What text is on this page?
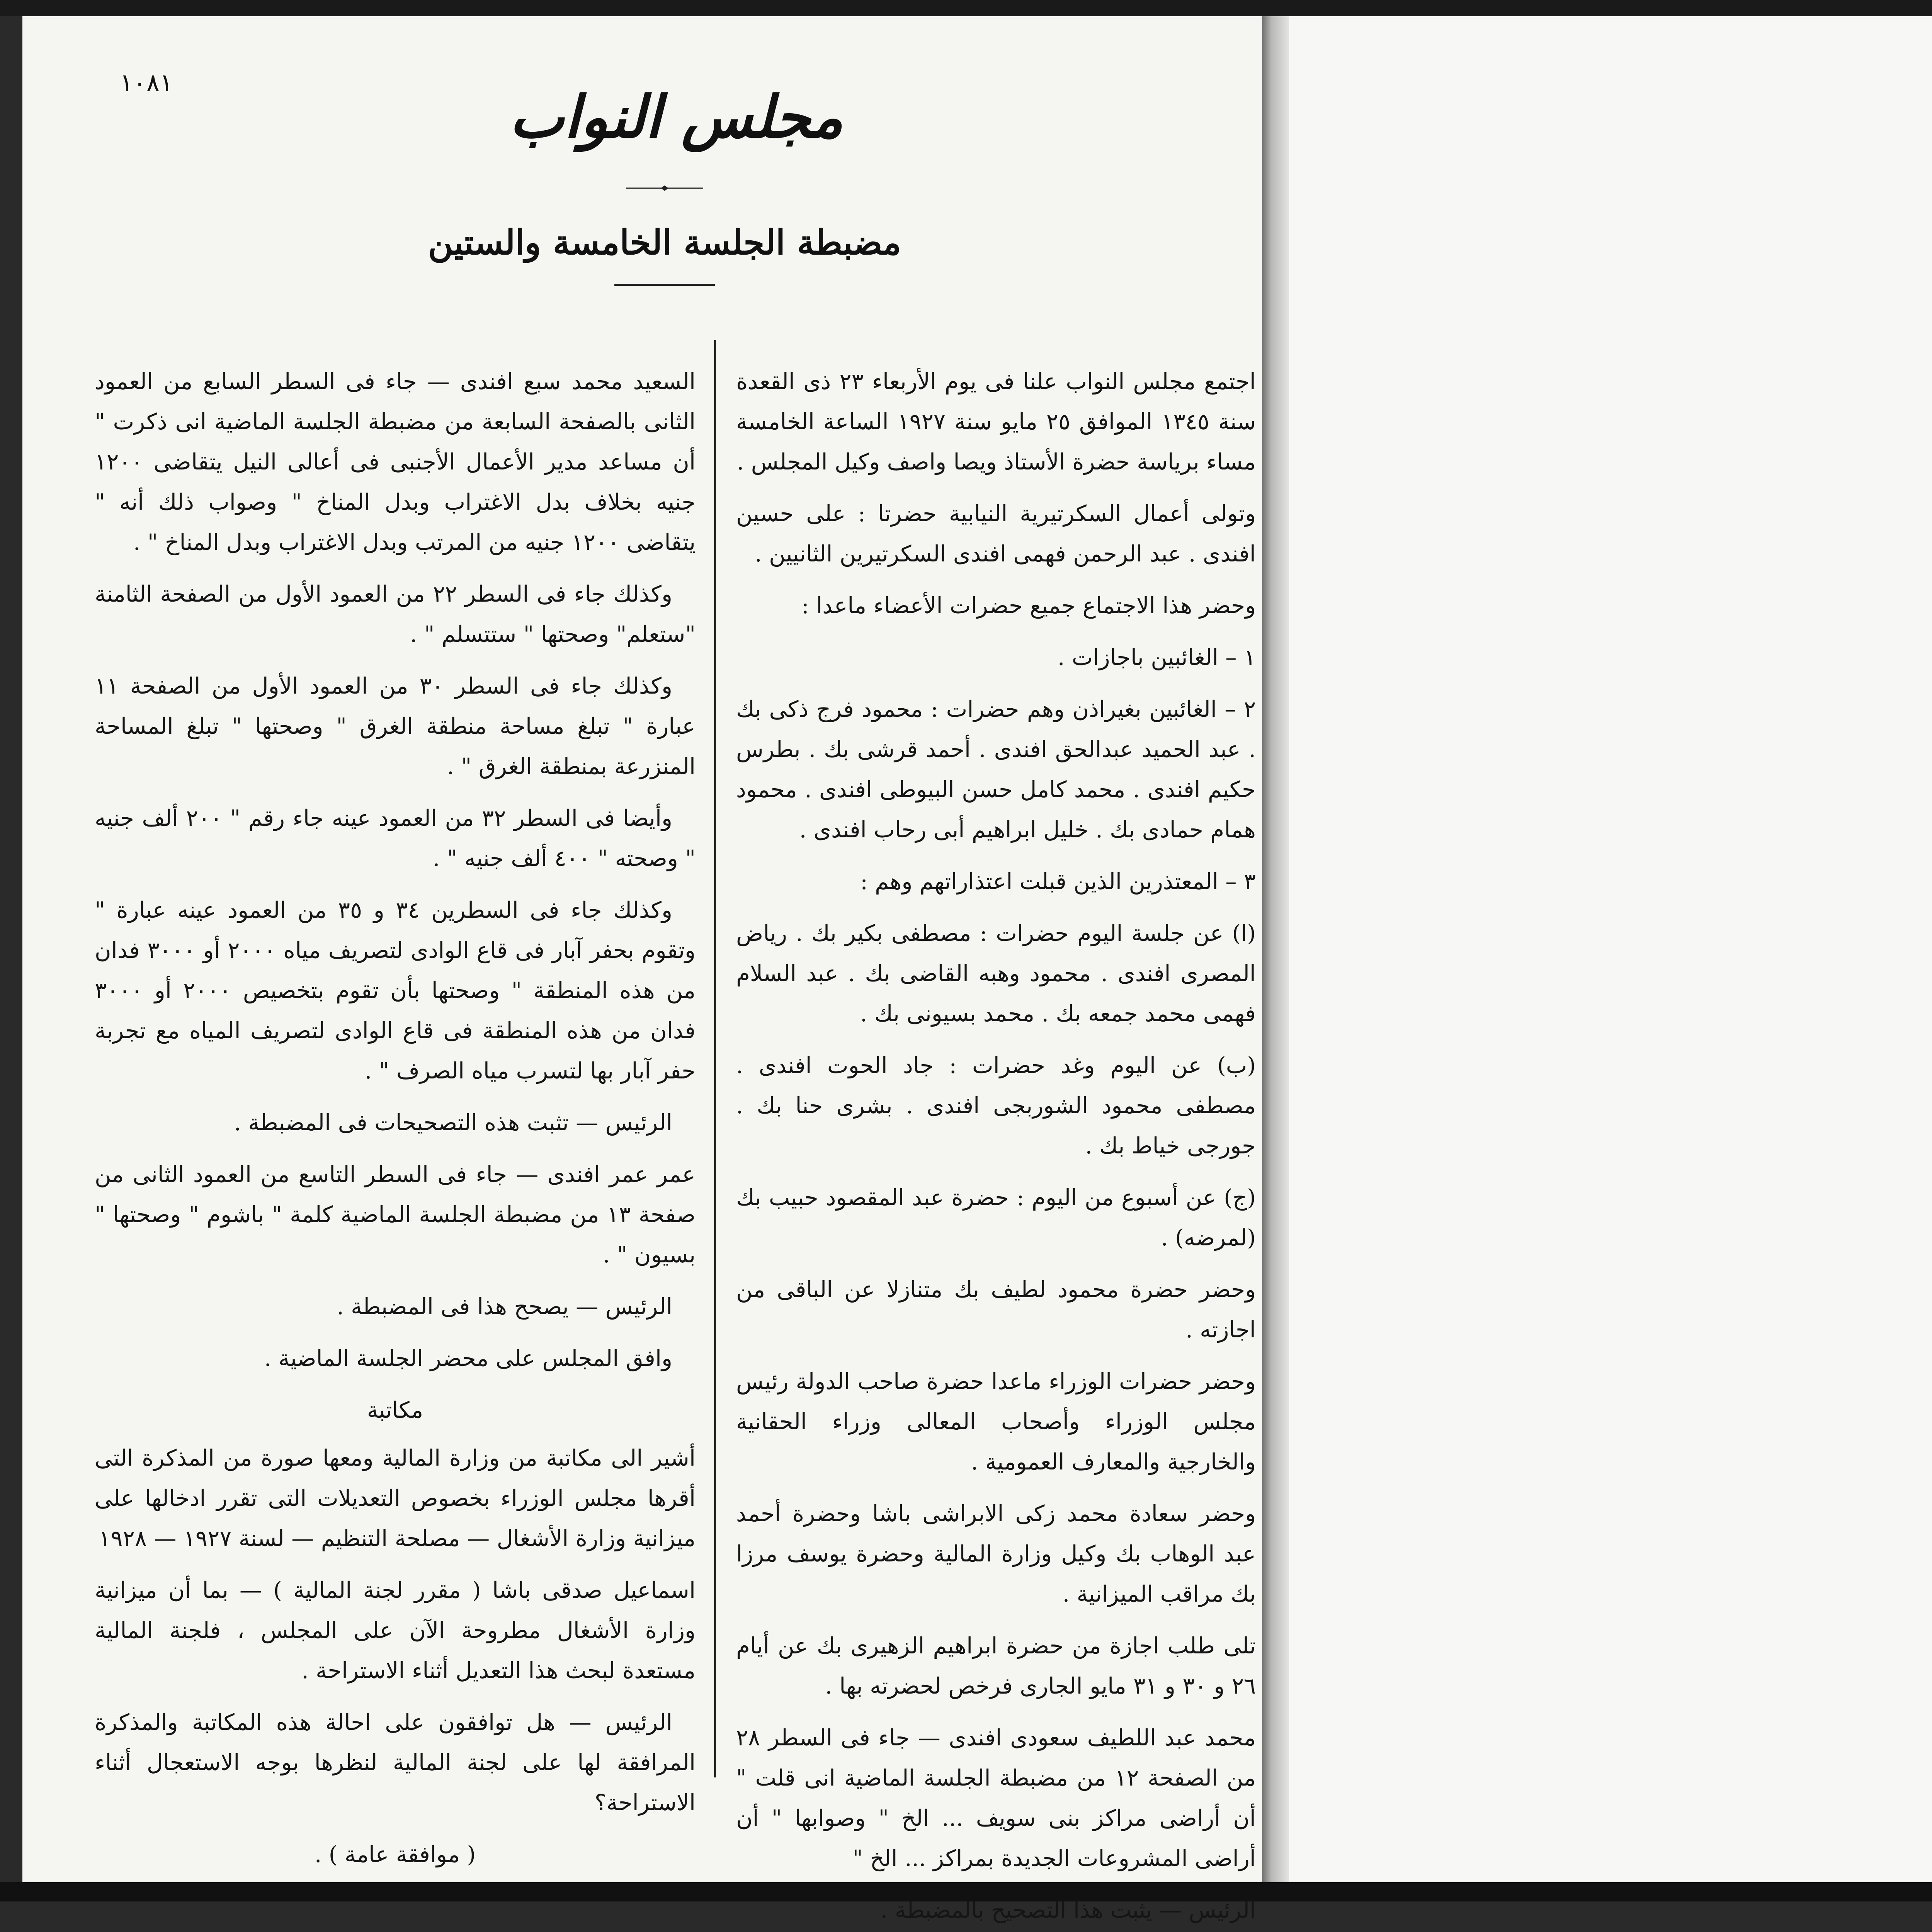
١٠٨١	مجلس النواب
مضبطة الجلسة الخامسة والستين

اجتمع مجلس النواب علنا فى يوم الأربعاء ٢٣ ذى القعدة سنة ١٣٤٥ الموافق ٢٥ مايو سنة ١٩٢٧ الساعة الخامسة مساء برياسة حضرة الأستاذ ويصا واصف وكيل المجلس .

وتولى أعمال السكرتيرية النيابية حضرتا : على حسين افندى . عبد الرحمن فهمى افندى السكرتيرين الثانيين .

وحضر هذا الاجتماع جميع حضرات الأعضاء ماعدا :

١ – الغائبين باجازات .

٢ – الغائبين بغيراذن وهم حضرات : محمود فرج ذكى بك . عبد الحميد عبدالحق افندى . أحمد قرشى بك . بطرس حكيم افندى . محمد كامل حسن البيوطى افندى . محمود همام حمادى بك . خليل ابراهيم أبى رحاب افندى .

٣ – المعتذرين الذين قبلت اعتذاراتهم وهم :

(ا) عن جلسة اليوم حضرات : مصطفى بكير بك . رياض المصرى افندى . محمود وهبه القاضى بك . عبد السلام فهمى محمد جمعه بك . محمد بسيونى بك .

(ب) عن اليوم وغد حضرات : جاد الحوت افندى . مصطفى محمود الشوربجى افندى . بشرى حنا بك . جورجى خياط بك .

(ج) عن أسبوع من اليوم : حضرة عبد المقصود حبيب بك (لمرضه) .

وحضر حضرة محمود لطيف بك متنازلا عن الباقى من اجازته .

وحضر حضرات الوزراء ماعدا حضرة صاحب الدولة رئيس مجلس الوزراء وأصحاب المعالى وزراء الحقانية والخارجية والمعارف العمومية .

وحضر سعادة محمد زكى الابراشى باشا وحضرة أحمد عبد الوهاب بك وكيل وزارة المالية وحضرة يوسف مرزا بك مراقب الميزانية .

تلى طلب اجازة من حضرة ابراهيم الزهيرى بك عن أيام ٢٦ و ٣٠ و ٣١ مايو الجارى فرخص لحضرته بها .

محمد عبد اللطيف سعودى افندى — جاء فى السطر ٢٨ من الصفحة ١٢ من مضبطة الجلسة الماضية انى قلت " أن أراضى مراكز بنى سويف ... الخ " وصوابها " أن أراضى المشروعات الجديدة بمراكز ... الخ "

الرئيس — يثبت هذا التصحيح بالمضبطة .

السعيد محمد سبع افندى — جاء فى السطر السابع من العمود الثانى بالصفحة السابعة من مضبطة الجلسة الماضية انى ذكرت " أن مساعد مدير الأعمال الأجنبى فى أعالى النيل يتقاضى ١٢٠٠ جنيه بخلاف بدل الاغتراب وبدل المناخ " وصواب ذلك أنه " يتقاضى ١٢٠٠ جنيه من المرتب وبدل الاغتراب وبدل المناخ " .

وكذلك جاء فى السطر ٢٢ من العمود الأول من الصفحة الثامنة "ستعلم" وصحتها " ستتسلم " .

وكذلك جاء فى السطر ٣٠ من العمود الأول من الصفحة ١١ عبارة " تبلغ مساحة منطقة الغرق " وصحتها " تبلغ المساحة المنزرعة بمنطقة الغرق " .

وأيضا فى السطر ٣٢ من العمود عينه جاء رقم " ٢٠٠ ألف جنيه " وصحته " ٤٠٠ ألف جنيه " .

وكذلك جاء فى السطرين ٣٤ و ٣٥ من العمود عينه عبارة " وتقوم بحفر آبار فى قاع الوادى لتصريف مياه ٢٠٠٠ أو ٣٠٠٠ فدان من هذه المنطقة " وصحتها بأن تقوم بتخصيص ٢٠٠٠ أو ٣٠٠٠ فدان من هذه المنطقة فى قاع الوادى لتصريف المياه مع تجربة حفر آبار بها لتسرب مياه الصرف " .

الرئيس — تثبت هذه التصحيحات فى المضبطة .

عمر عمر افندى — جاء فى السطر التاسع من العمود الثانى من صفحة ١٣ من مضبطة الجلسة الماضية كلمة " باشوم " وصحتها " بسيون " .

الرئيس — يصحح هذا فى المضبطة .

وافق المجلس على محضر الجلسة الماضية .

مكاتبة

أشير الى مكاتبة من وزارة المالية ومعها صورة من المذكرة التى أقرها مجلس الوزراء بخصوص التعديلات التى تقرر ادخالها على ميزانية وزارة الأشغال — مصلحة التنظيم — لسنة ١٩٢٧ — ١٩٢٨

اسماعيل صدقى باشا ( مقرر لجنة المالية ) — بما أن ميزانية وزارة الأشغال مطروحة الآن على المجلس ، فلجنة المالية مستعدة لبحث هذا التعديل أثناء الاستراحة .

الرئيس — هل توافقون على احالة هذه المكاتبة والمذكرة المرافقة لها على لجنة المالية لنظرها بوجه الاستعجال أثناء الاستراحة؟

( موافقة عامة ) .
